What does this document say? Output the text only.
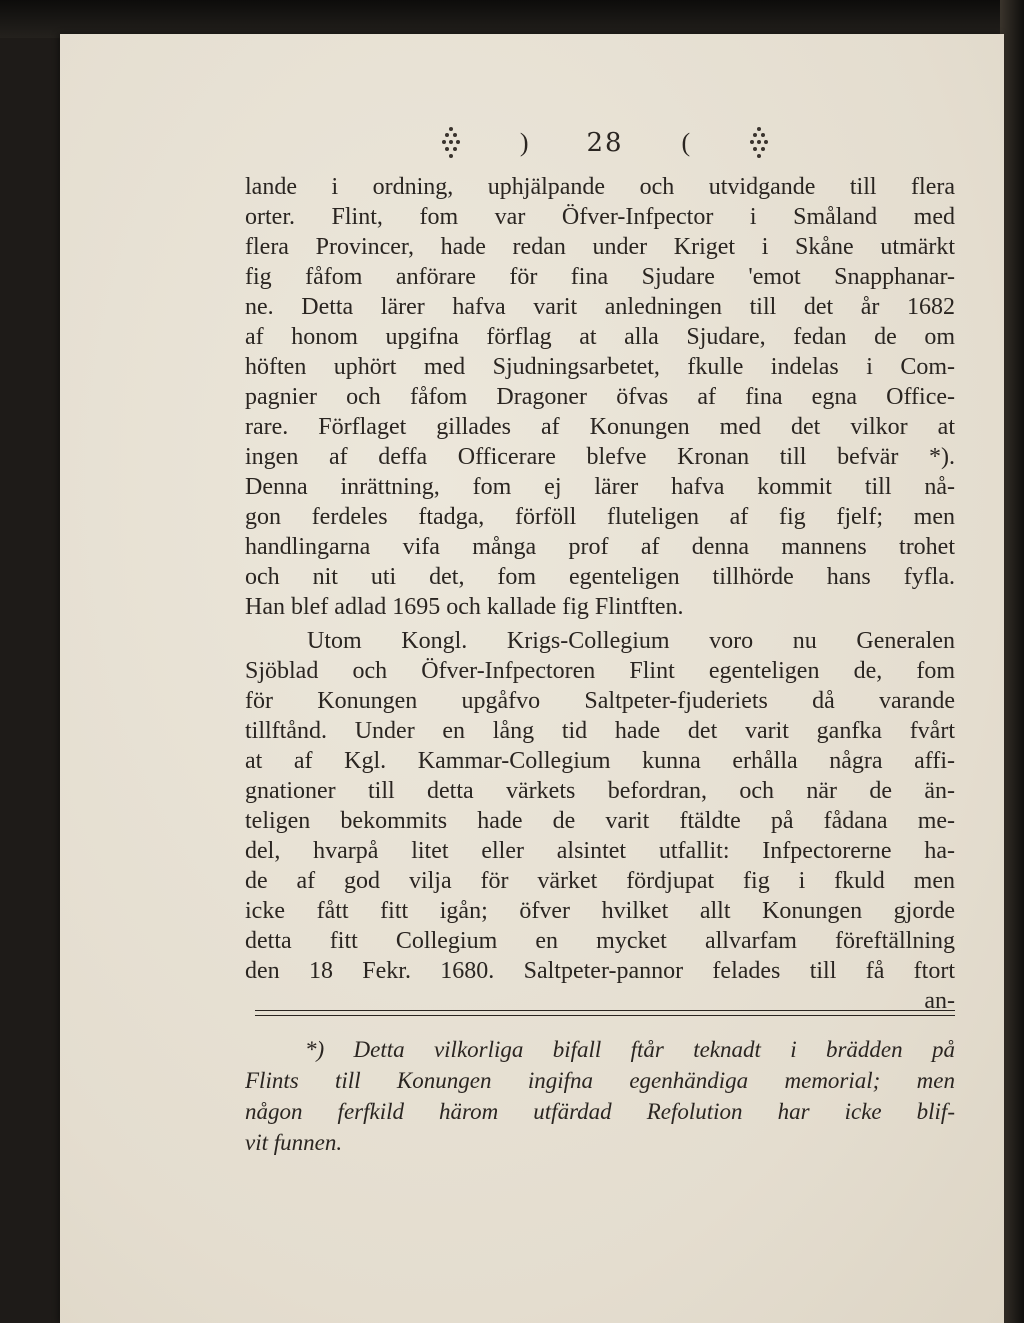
) 28 (
lande i ordning, uphjälpande och utvidgande till flera
orter. Flint, fom var Öfver-Infpector i Småland med
flera Provincer, hade redan under Kriget i Skåne utmärkt
fig fåfom anförare för fina Sjudare 'emot Snapphanar-
ne. Detta lärer hafva varit anledningen till det år 1682
af honom upgifna förflag at alla Sjudare, fedan de om
höften uphört med Sjudningsarbetet, fkulle indelas i Com-
pagnier och fåfom Dragoner öfvas af fina egna Office-
rare. Förflaget gillades af Konungen med det vilkor at
ingen af deffa Officerare blefve Kronan till befvär *).
Denna inrättning, fom ej lärer hafva kommit till nå-
gon ferdeles ftadga, förföll fluteligen af fig fjelf; men
handlingarna vifa många prof af denna mannens trohet
och nit uti det, fom egenteligen tillhörde hans fyfla.
Han blef adlad 1695 och kallade fig Flintften.
Utom Kongl. Krigs-Collegium voro nu Generalen
Sjöblad och Öfver-Infpectoren Flint egenteligen de, fom
för Konungen upgåfvo Saltpeter-fjuderiets då varande
tillftånd. Under en lång tid hade det varit ganfka fvårt
at af Kgl. Kammar-Collegium kunna erhålla några affi-
gnationer till detta värkets befordran, och när de än-
teligen bekommits hade de varit ftäldte på fådana me-
del, hvarpå litet eller alsintet utfallit: Infpectorerne ha-
de af god vilja för värket fördjupat fig i fkuld men
icke fått fitt igån; öfver hvilket allt Konungen gjorde
detta fitt Collegium en mycket allvarfam föreftällning
den 18 Fekr. 1680. Saltpeter-pannor felades till få ftort
an-
*) Detta vilkorliga bifall ftår teknadt i brädden på
Flints till Konungen ingifna egenhändiga memorial; men
någon ferfkild härom utfärdad Refolution har icke blif-
vit funnen.
